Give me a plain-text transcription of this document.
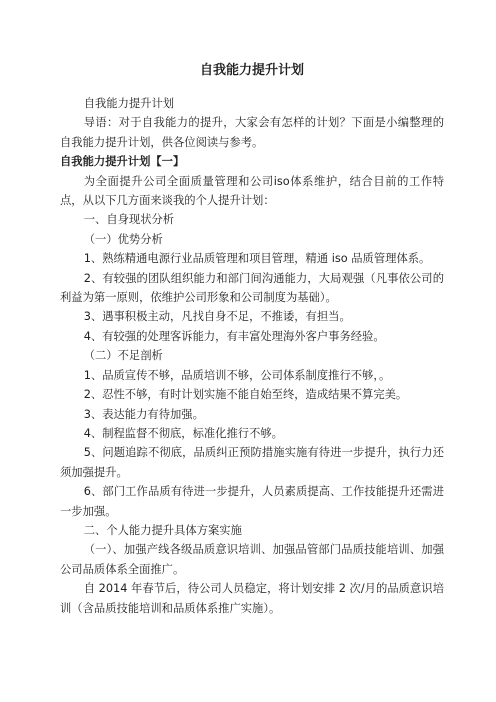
自我能力提升计划

自我能力提升计划

导语：对于自我能力的提升，大家会有怎样的计划？下面是小编整理的自我能力提升计划，供各位阅读与参考。

自我能力提升计划【一】

为全面提升公司全面质量管理和公司iso体系维护，结合目前的工作特点，从以下几方面来谈我的个人提升计划：

一、自身现状分析

（一）优势分析

1、熟练精通电源行业品质管理和项目管理，精通 iso 品质管理体系。

2、有较强的团队组织能力和部门间沟通能力，大局观强（凡事依公司的利益为第一原则，依维护公司形象和公司制度为基础）。

3、遇事积极主动，凡找自身不足，不推诿，有担当。

4、有较强的处理客诉能力，有丰富处理海外客户事务经验。

（二）不足剖析

1、品质宣传不够，品质培训不够，公司体系制度推行不够，。

2、忍性不够，有时计划实施不能自始至终，造成结果不算完美。

3、表达能力有待加强。

4、制程监督不彻底，标准化推行不够。

5、问题追踪不彻底，品质纠正预防措施实施有待进一步提升，执行力还须加强提升。

6、部门工作品质有待进一步提升，人员素质提高、工作技能提升还需进一步加强。

二、个人能力提升具体方案实施

（一）、加强产线各级品质意识培训、加强品管部门品质技能培训、加强公司品质体系全面推广。

自 2014 年春节后，待公司人员稳定，将计划安排 2 次/月的品质意识培训（含品质技能培训和品质体系推广实施）。
